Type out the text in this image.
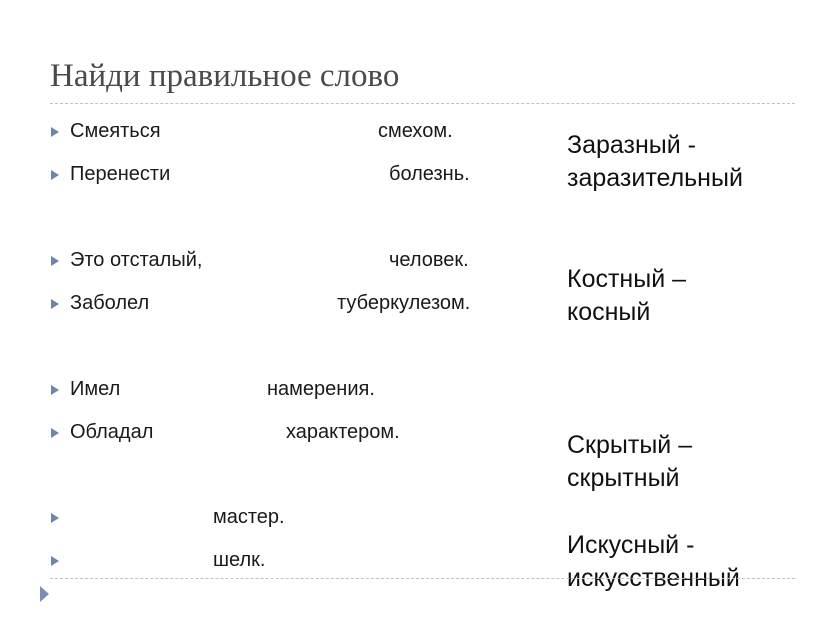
Найди правильное слово
Смеяться	смехом.
Перенести	болезнь.
Это отсталый,	человек.
Заболел	туберкулезом.
Имел	намерения.
Обладал	характером.
мастер.
шелк.
Заразный -
заразительный
Костный –
косный
Скрытый –
скрытный
Искусный -
искусственный
